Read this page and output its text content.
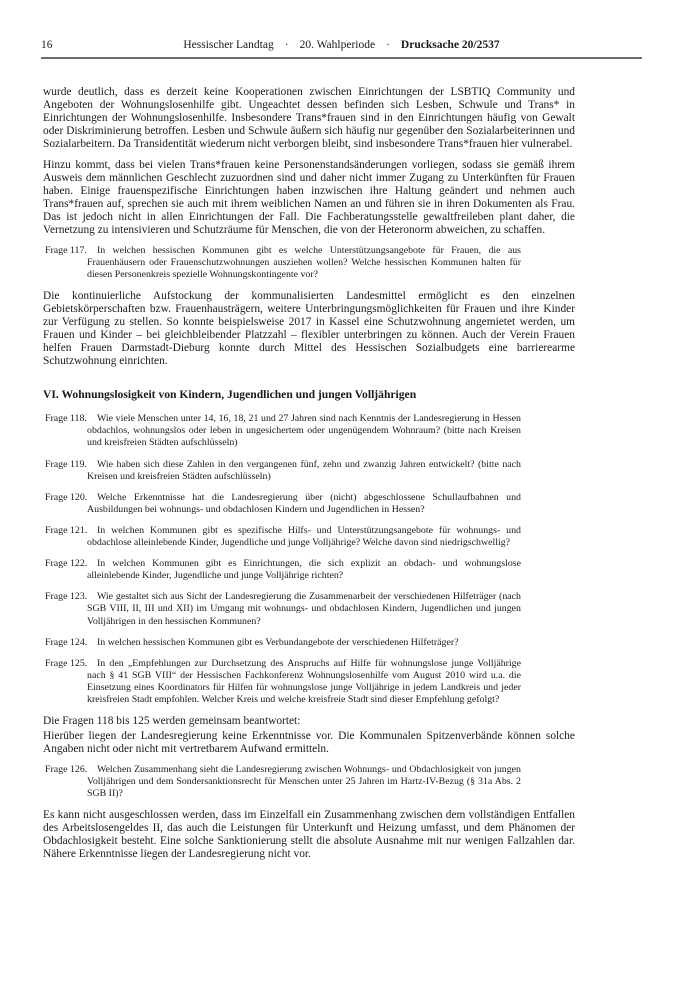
16	Hessischer Landtag · 20. Wahlperiode · Drucksache 20/2537

wurde deutlich, dass es derzeit keine Kooperationen zwischen Einrichtungen der LSBTIQ Community und Angeboten der Wohnungslosenhilfe gibt. Ungeachtet dessen befinden sich Lesben, Schwule und Trans* in Einrichtungen der Wohnungslosenhilfe. Insbesondere Trans*frauen sind in den Einrichtungen häufig von Gewalt oder Diskriminierung betroffen. Lesben und Schwule äußern sich häufig nur gegenüber den Sozialarbeiterinnen und Sozialarbeitern. Da Transidentität wiederum nicht verborgen bleibt, sind insbesondere Trans*frauen hier vulnerabel.

Hinzu kommt, dass bei vielen Trans*frauen keine Personenstandsänderungen vorliegen, sodass sie gemäß ihrem Ausweis dem männlichen Geschlecht zuzuordnen sind und daher nicht immer Zugang zu Unterkünften für Frauen haben. Einige frauenspezifische Einrichtungen haben inzwischen ihre Haltung geändert und nehmen auch Trans*frauen auf, sprechen sie auch mit ihrem weiblichen Namen an und führen sie in ihren Dokumenten als Frau. Das ist jedoch nicht in allen Einrichtungen der Fall. Die Fachberatungsstelle gewaltfreileben plant daher, die Vernetzung zu intensivieren und Schutzräume für Menschen, die von der Heteronorm abweichen, zu schaffen.

Frage 117.	In welchen hessischen Kommunen gibt es welche Unterstützungsangebote für Frauen, die aus Frauenhäusern oder Frauenschutzwohnungen ausziehen wollen? Welche hessischen Kommunen halten für diesen Personenkreis spezielle Wohnungskontingente vor?

Die kontinuierliche Aufstockung der kommunalisierten Landesmittel ermöglicht es den einzelnen Gebietskörperschaften bzw. Frauenhausträgern, weitere Unterbringungsmöglichkeiten für Frauen und ihre Kinder zur Verfügung zu stellen. So konnte beispielsweise 2017 in Kassel eine Schutzwohnung angemietet werden, um Frauen und Kinder – bei gleichbleibender Platzzahl – flexibler unterbringen zu können. Auch der Verein Frauen helfen Frauen Darmstadt-Dieburg konnte durch Mittel des Hessischen Sozialbudgets eine barrierearme Schutzwohnung einrichten.

VI. Wohnungslosigkeit von Kindern, Jugendlichen und jungen Volljährigen
Frage 118.	Wie viele Menschen unter 14, 16, 18, 21 und 27 Jahren sind nach Kenntnis der Landesregierung in Hessen obdachlos, wohnungslos oder leben in ungesichertem oder ungenügendem Wohnraum? (bitte nach Kreisen und kreisfreien Städten aufschlüsseln)
Frage 119.	Wie haben sich diese Zahlen in den vergangenen fünf, zehn und zwanzig Jahren entwickelt? (bitte nach Kreisen und kreisfreien Städten aufschlüsseln)
Frage 120. Welche Erkenntnisse hat die Landesregierung über (nicht) abgeschlossene Schullaufbahnen und Ausbildungen bei wohnungs- und obdachlosen Kindern und Jugendlichen in Hessen?
Frage 121. In welchen Kommunen gibt es spezifische Hilfs- und Unterstützungsangebote für wohnungs- und obdachlose alleinlebende Kinder, Jugendliche und junge Volljährige? Welche davon sind niedrigschwellig?
Frage 122. In welchen Kommunen gibt es Einrichtungen, die sich explizit an obdach- und wohnungslose alleinlebende Kinder, Jugendliche und junge Volljährige richten?
Frage 123. Wie gestaltet sich aus Sicht der Landesregierung die Zusammenarbeit der verschiedenen Hilfeträger (nach SGB VIII, II, III und XII) im Umgang mit wohnungs- und obdachlosen Kindern, Jugendlichen und jungen Volljährigen in den hessischen Kommunen?
Frage 124. In welchen hessischen Kommunen gibt es Verbundangebote der verschiedenen Hilfeträger?
Frage 125. In den „Empfehlungen zur Durchsetzung des Anspruchs auf Hilfe für wohnungslose junge Volljährige nach § 41 SGB VIII“ der Hessischen Fachkonferenz Wohnungslosenhilfe vom August 2010 wird u.a. die Einsetzung eines Koordinators für Hilfen für wohnungslose junge Volljährige in jedem Landkreis und jeder kreisfreien Stadt empfohlen. Welcher Kreis und welche kreisfreie Stadt sind dieser Empfehlung gefolgt?

Die Fragen 118 bis 125 werden gemeinsam beantwortet:

Hierüber liegen der Landesregierung keine Erkenntnisse vor. Die Kommunalen Spitzenverbände können solche Angaben nicht oder nicht mit vertretbarem Aufwand ermitteln.

Frage 126. Welchen Zusammenhang sieht die Landesregierung zwischen Wohnungs- und Obdachlosigkeit von jungen Volljährigen und dem Sondersanktionsrecht für Menschen unter 25 Jahren im Hartz-IV-Bezug (§ 31a Abs. 2 SGB II)?

Es kann nicht ausgeschlossen werden, dass im Einzelfall ein Zusammenhang zwischen dem vollständigen Entfallen des Arbeitslosengeldes II, das auch die Leistungen für Unterkunft und Heizung umfasst, und dem Phänomen der Obdachlosigkeit besteht. Eine solche Sanktionierung stellt die absolute Ausnahme mit nur wenigen Fallzahlen dar. Nähere Erkenntnisse liegen der Landesregierung nicht vor.
